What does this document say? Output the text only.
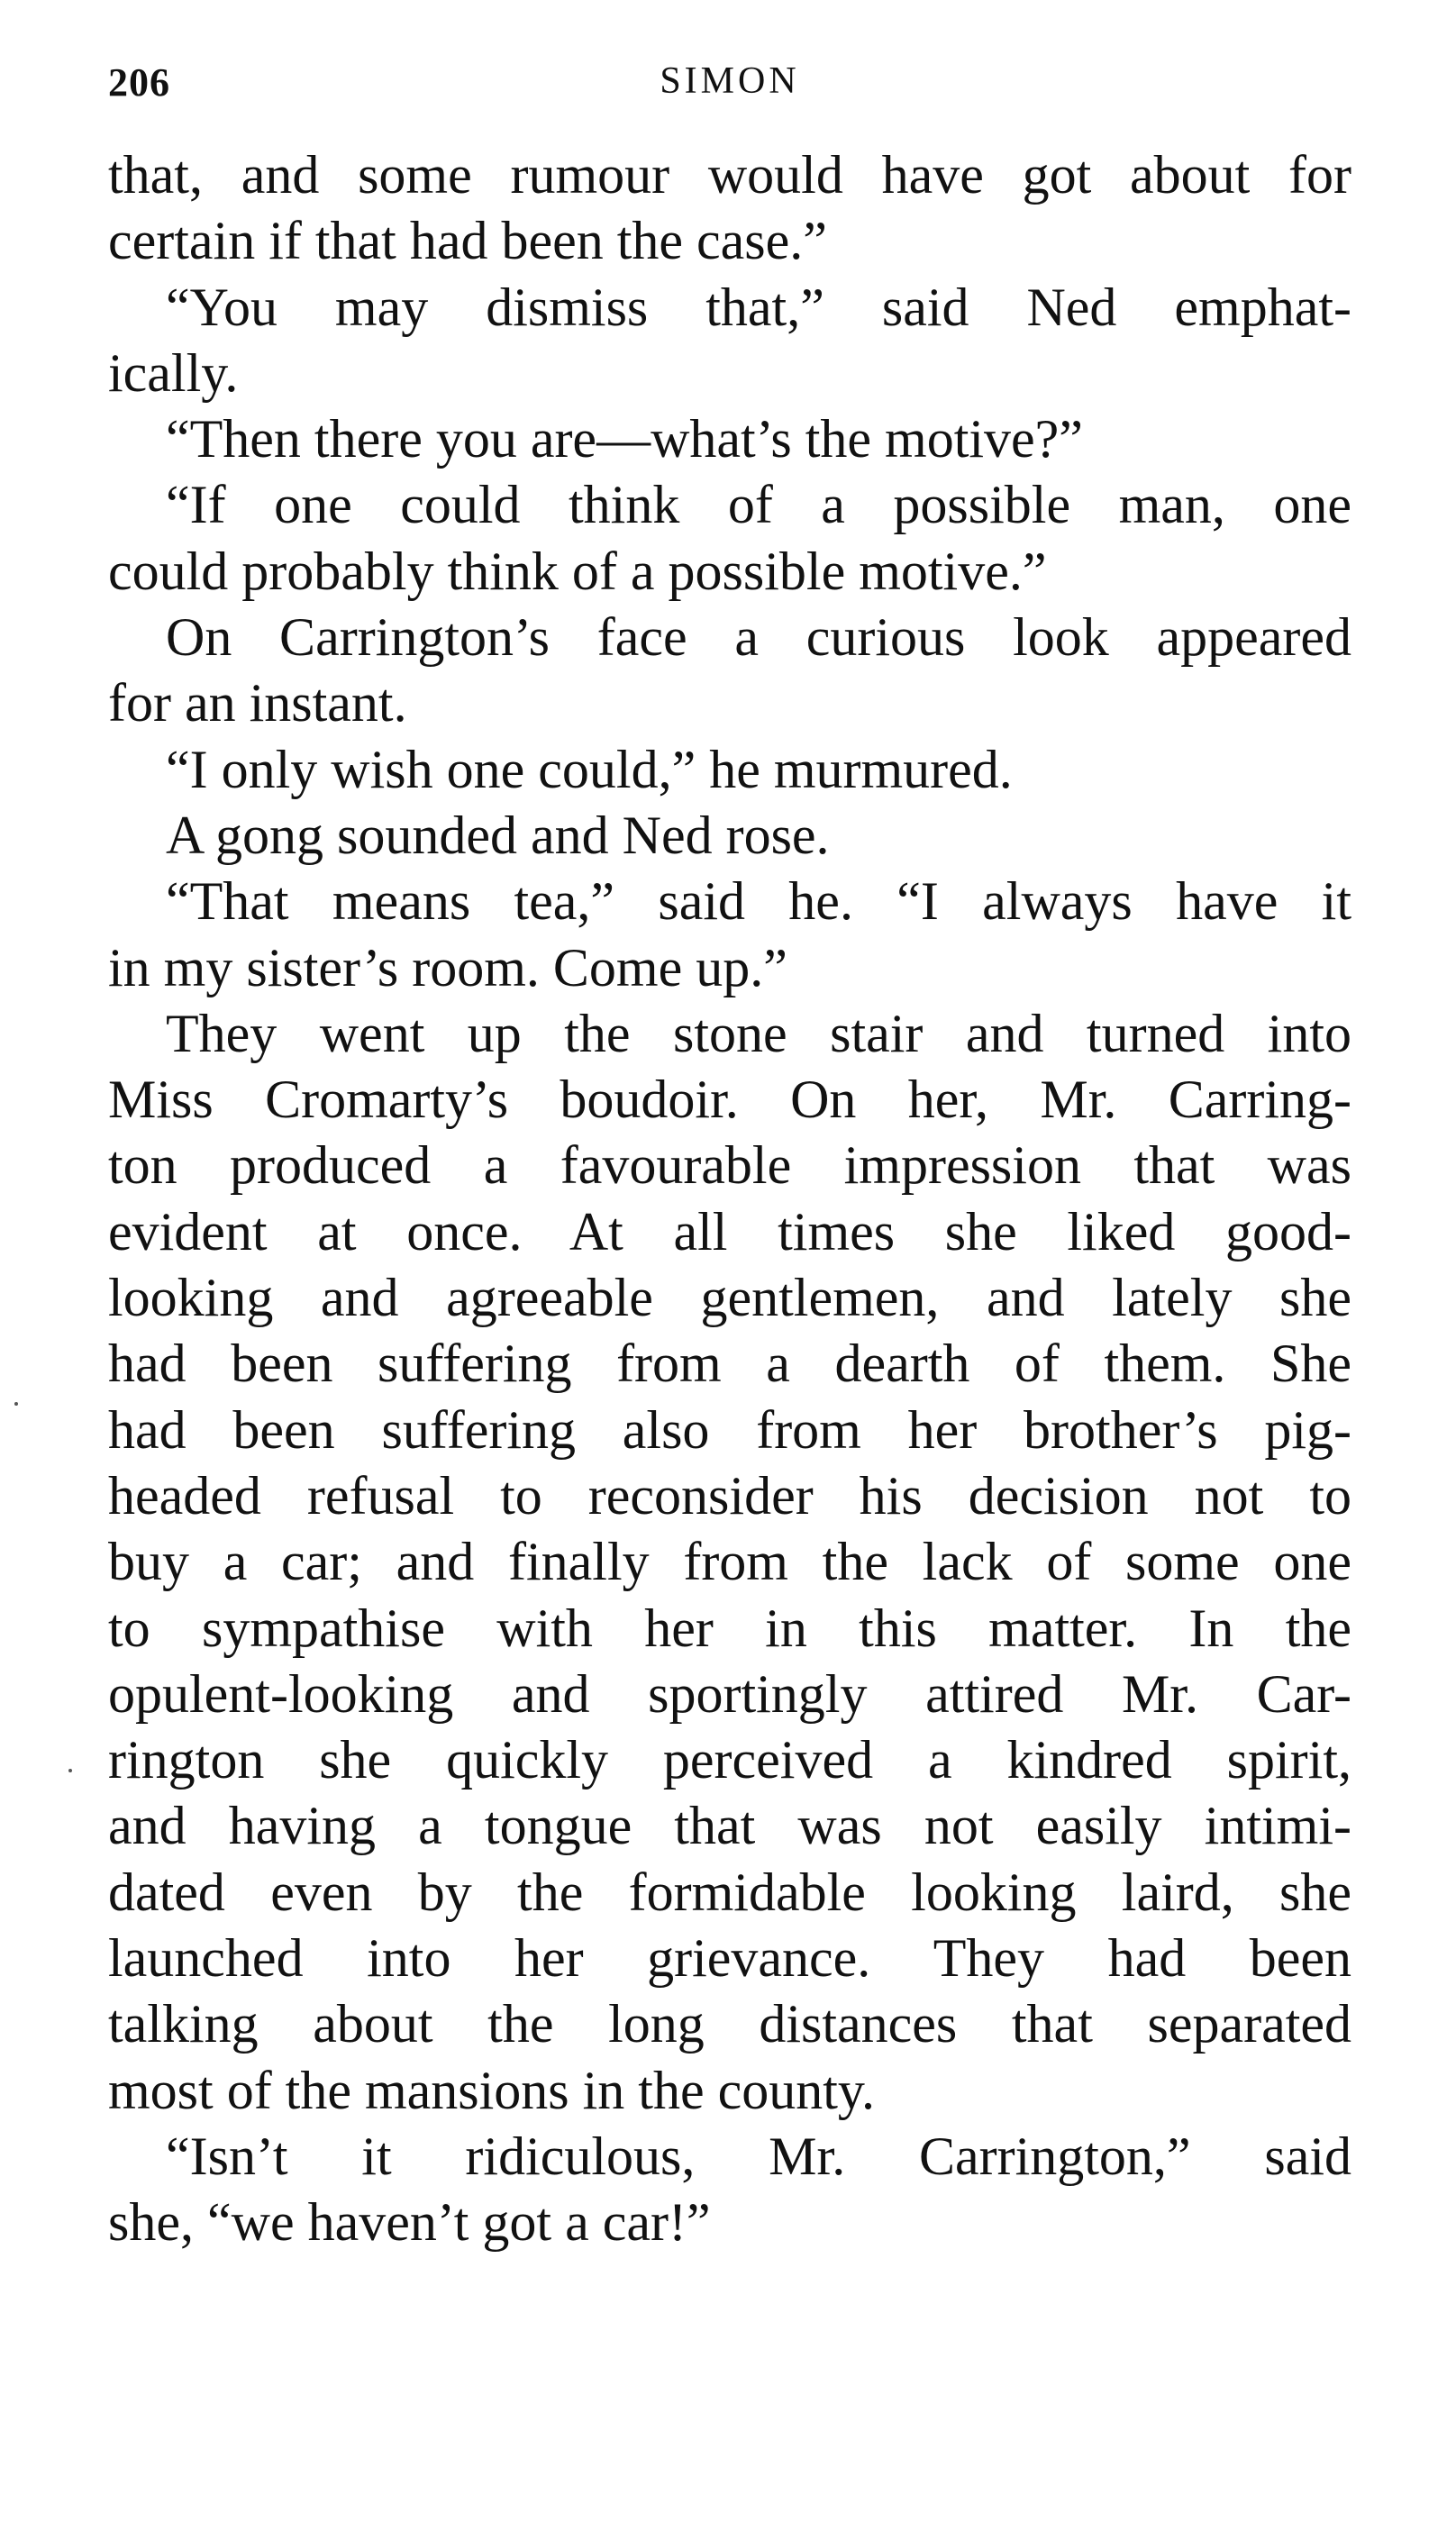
206	SIMON
that, and some rumour would have got about for
certain if that had been the case.”
“You may dismiss that,” said Ned emphat-
ically.
“Then there you are—what’s the motive?”
“If one could think of a possible man, one
could probably think of a possible motive.”
On Carrington’s face a curious look appeared
for an instant.
“I only wish one could,” he murmured.
A gong sounded and Ned rose.
“That means tea,” said he. “I always have it
in my sister’s room. Come up.”
They went up the stone stair and turned into
Miss Cromarty’s boudoir. On her, Mr. Carring-
ton produced a favourable impression that was
evident at once. At all times she liked good-
looking and agreeable gentlemen, and lately she
had been suffering from a dearth of them. She
had been suffering also from her brother’s pig-
headed refusal to reconsider his decision not to
buy a car; and finally from the lack of some one
to sympathise with her in this matter. In the
opulent-looking and sportingly attired Mr. Car-
rington she quickly perceived a kindred spirit,
and having a tongue that was not easily intimi-
dated even by the formidable looking laird, she
launched into her grievance. They had been
talking about the long distances that separated
most of the mansions in the county.
“Isn’t it ridiculous, Mr. Carrington,” said
she, “we haven’t got a car!”
